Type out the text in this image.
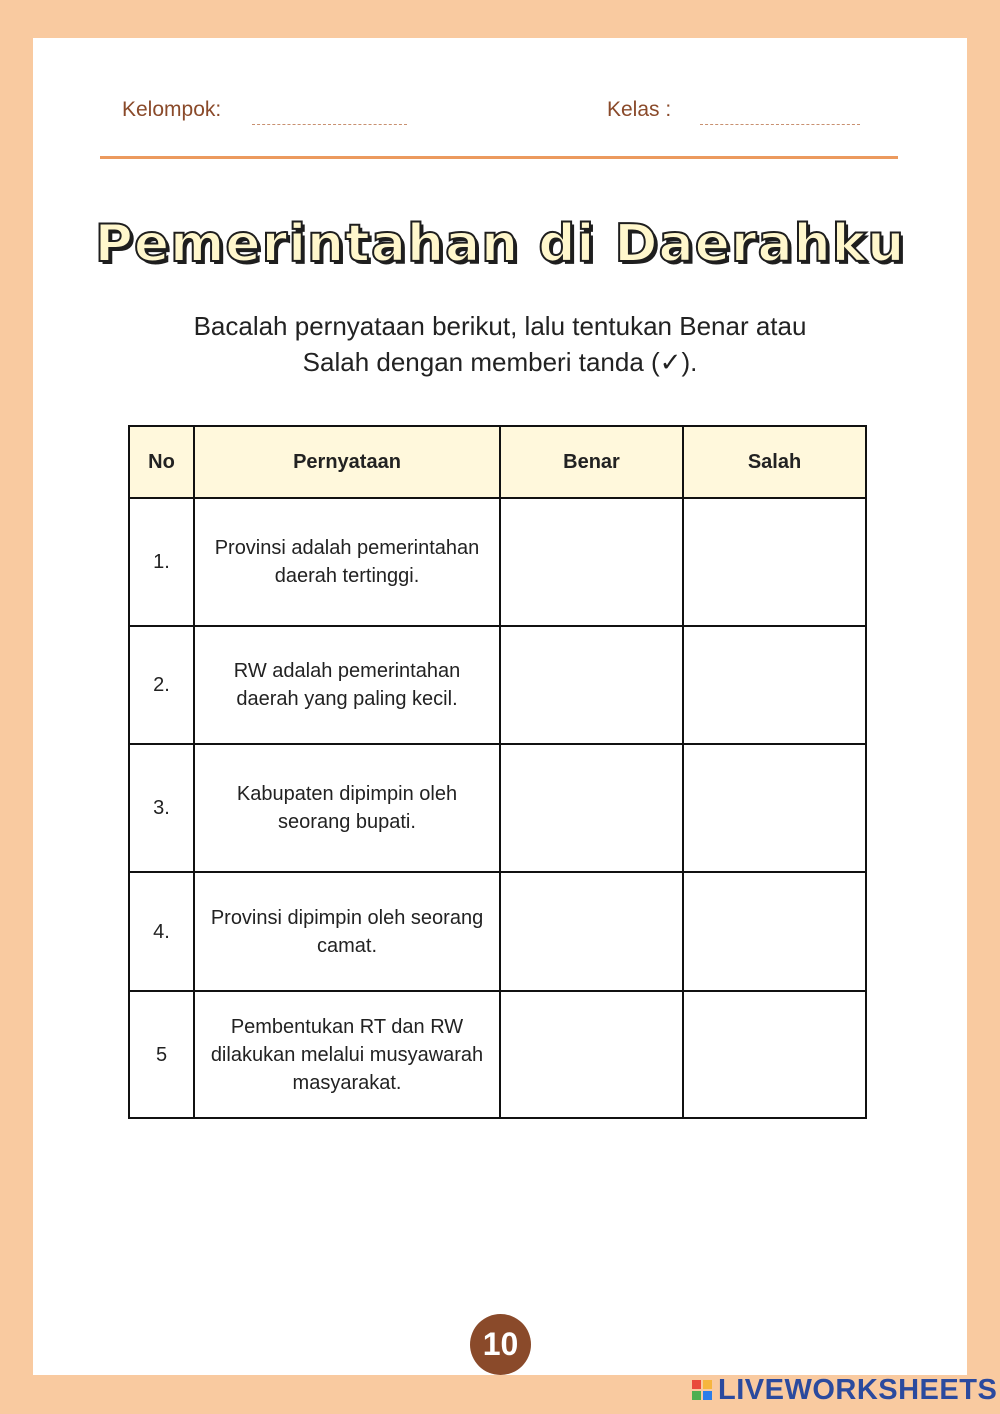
Kelompok:	Kelas :
Pemerintahan di Daerahku
Bacalah pernyataan berikut, lalu tentukan Benar atau
Salah dengan memberi tanda (✓).
No	Pernyataan	Benar	Salah
1.	Provinsi adalah pemerintahan daerah tertinggi.		
2.	RW adalah pemerintahan daerah yang paling kecil.		
3.	Kabupaten dipimpin oleh seorang bupati.		
4.	Provinsi dipimpin oleh seorang camat.		
5	Pembentukan RT dan RW dilakukan melalui musyawarah masyarakat.		
10
LIVEWORKSHEETS
